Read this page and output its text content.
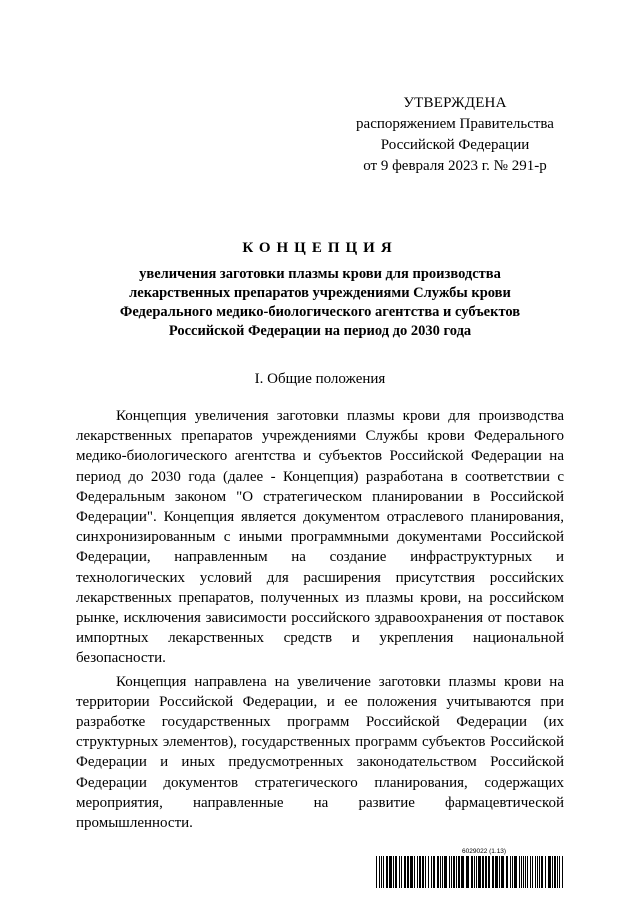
УТВЕРЖДЕНА
распоряжением Правительства
Российской Федерации
от 9 февраля 2023 г. № 291-р
КОНЦЕПЦИЯ
увеличения заготовки плазмы крови для производства
лекарственных препаратов учреждениями Службы крови
Федерального медико-биологического агентства и субъектов
Российской Федерации на период до 2030 года
I. Общие положения

Концепция увеличения заготовки плазмы крови для производства лекарственных препаратов учреждениями Службы крови Федерального медико-биологического агентства и субъектов Российской Федерации на период до 2030 года (далее - Концепция) разработана в соответствии с Федеральным законом "О стратегическом планировании в Российской Федерации". Концепция является документом отраслевого планирования, синхронизированным с иными программными документами Российской Федерации, направленным на создание инфраструктурных и технологических условий для расширения присутствия российских лекарственных препаратов, полученных из плазмы крови, на российском рынке, исключения зависимости российского здравоохранения от поставок импортных лекарственных средств и укрепления национальной безопасности.

Концепция направлена на увеличение заготовки плазмы крови на территории Российской Федерации, и ее положения учитываются при разработке государственных программ Российской Федерации (их структурных элементов), государственных программ субъектов Российской Федерации и иных предусмотренных законодательством Российской Федерации документов стратегического планирования, содержащих мероприятия, направленные на развитие фармацевтической промышленности.

6029022 (1.13)
